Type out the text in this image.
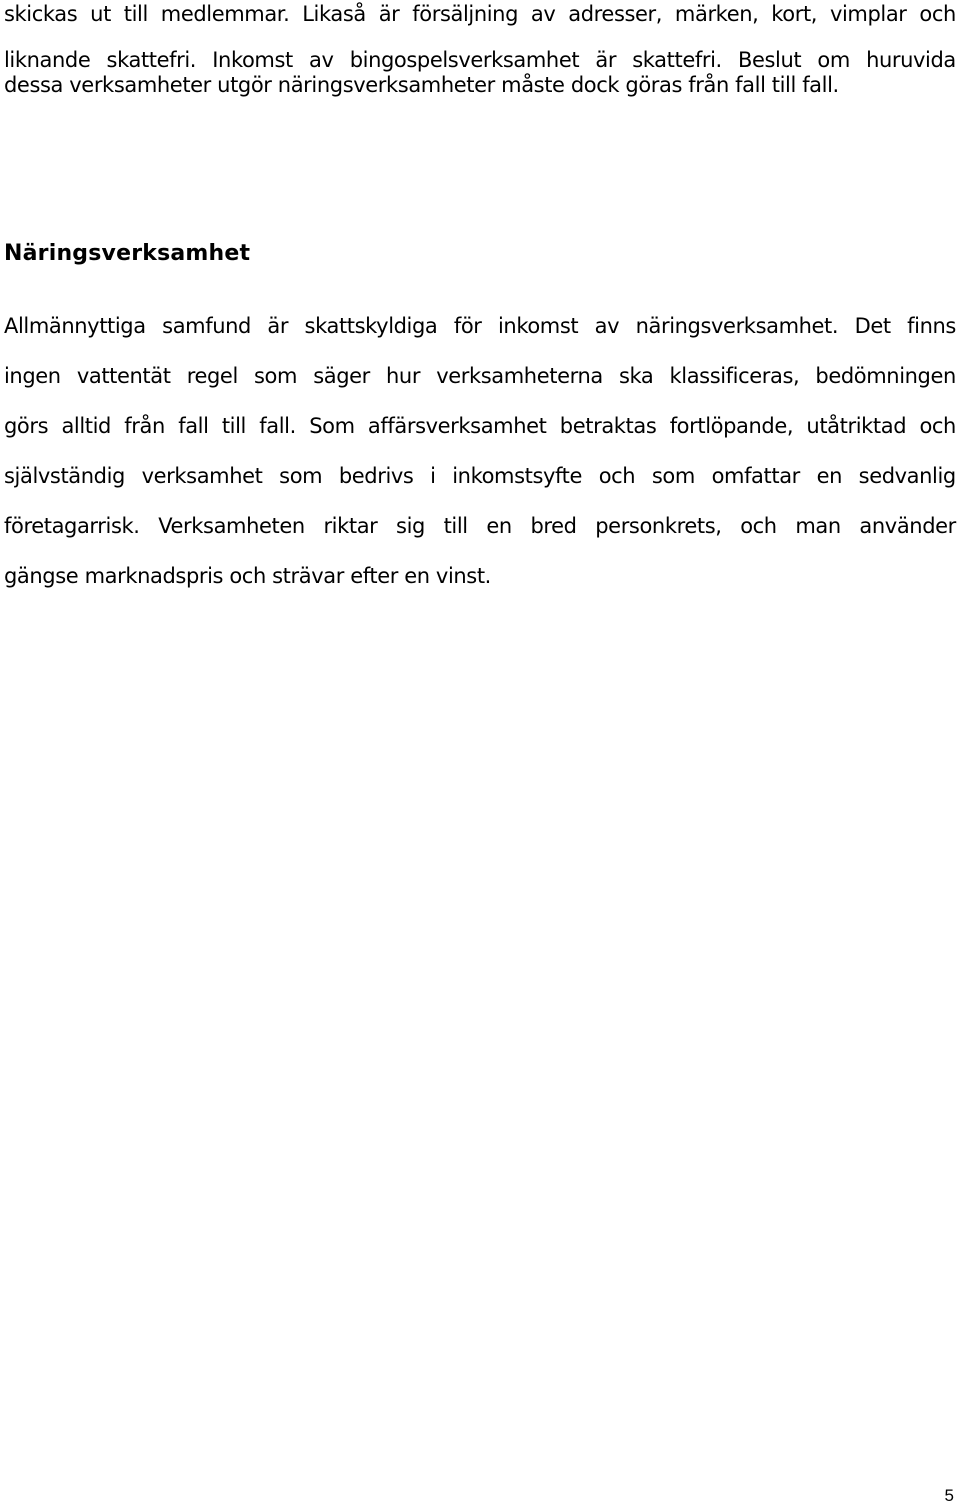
skickas ut till medlemmar. Likaså är försäljning av adresser, märken, kort, vimplar och
liknande skattefri. Inkomst av bingospelsverksamhet är skattefri. Beslut om huruvida
dessa verksamheter utgör näringsverksamheter måste dock göras från fall till fall.
Näringsverksamhet
Allmännyttiga samfund är skattskyldiga för inkomst av näringsverksamhet. Det finns
ingen vattentät regel som säger hur verksamheterna ska klassificeras, bedömningen
görs alltid från fall till fall. Som affärsverksamhet betraktas fortlöpande, utåtriktad och
självständig verksamhet som bedrivs i inkomstsyfte och som omfattar en sedvanlig
företagarrisk. Verksamheten riktar sig till en bred personkrets, och man använder
gängse marknadspris och strävar efter en vinst.
5
